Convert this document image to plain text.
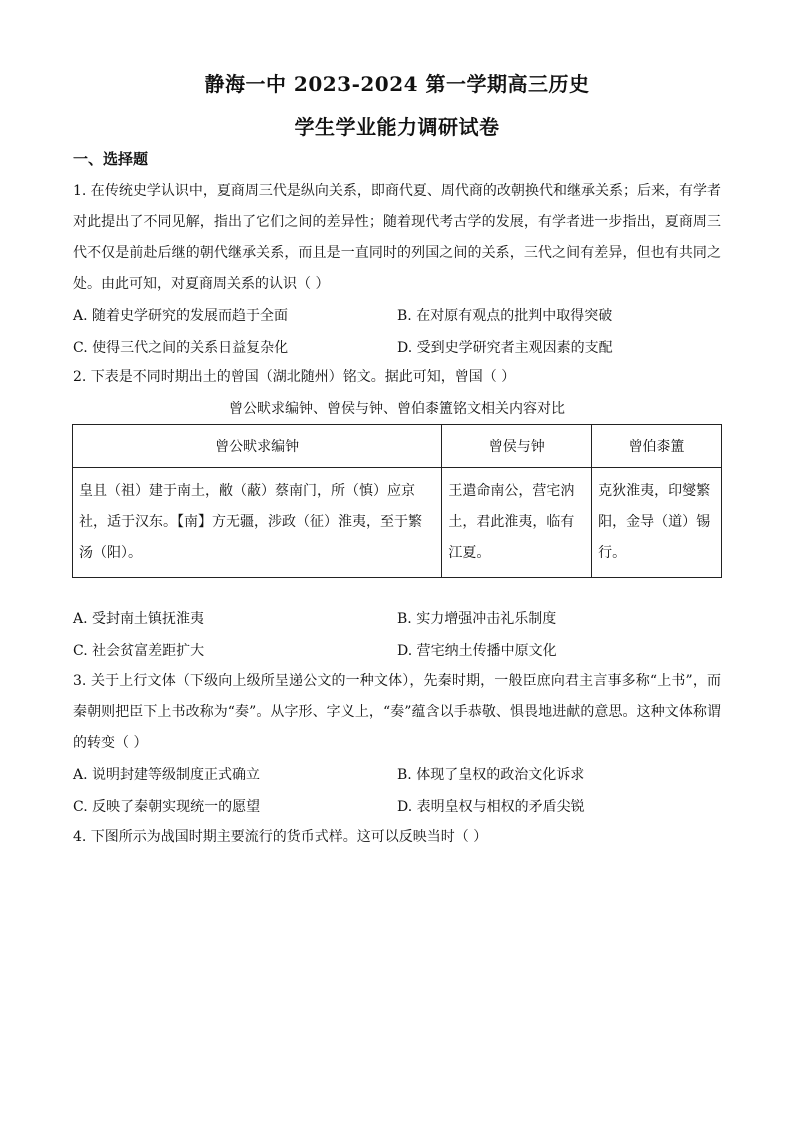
静海一中 2023-2024 第一学期高三历史
学生学业能力调研试卷
一、选择题
1. 在传统史学认识中，夏商周三代是纵向关系，即商代夏、周代商的改朝换代和继承关系；后来，有学者对此提出了不同见解，指出了它们之间的差异性；随着现代考古学的发展，有学者进一步指出，夏商周三代不仅是前赴后继的朝代继承关系，而且是一直同时的列国之间的关系，三代之间有差异，但也有共同之处。由此可知，对夏商周关系的认识（ ）
A. 随着史学研究的发展而趋于全面	B. 在对原有观点的批判中取得突破
C. 使得三代之间的关系日益复杂化	D. 受到史学研究者主观因素的支配
2. 下表是不同时期出土的曾国（湖北随州）铭文。据此可知，曾国（ ）
曾公畎求编钟、曾侯与钟、曾伯桼簠铭文相关内容对比
曾公畎求编钟	曾侯与钟	曾伯桼簠
皇且（祖）建于南土，敝（蔽）蔡南门，所（慎）应京社，适于汉东。【南】方无疆，涉政（征）淮夷，至于繁汤（阳）。	王遣命南公，营宅汭土，君此淮夷，临有江夏。	克狄淮夷，印燮繁阳，金导（道）锡行。
A. 受封南土镇抚淮夷	B. 实力增强冲击礼乐制度
C. 社会贫富差距扩大	D. 营宅纳土传播中原文化
3. 关于上行文体（下级向上级所呈递公文的一种文体），先秦时期，一般臣庶向君主言事多称“上书”，而秦朝则把臣下上书改称为“奏”。从字形、字义上，“奏”蕴含以手恭敬、惧畏地进献的意思。这种文体称谓的转变（ ）
A. 说明封建等级制度正式确立	B. 体现了皇权的政治文化诉求
C. 反映了秦朝实现统一的愿望	D. 表明皇权与相权的矛盾尖锐
4. 下图所示为战国时期主要流行的货币式样。这可以反映当时（ ）
